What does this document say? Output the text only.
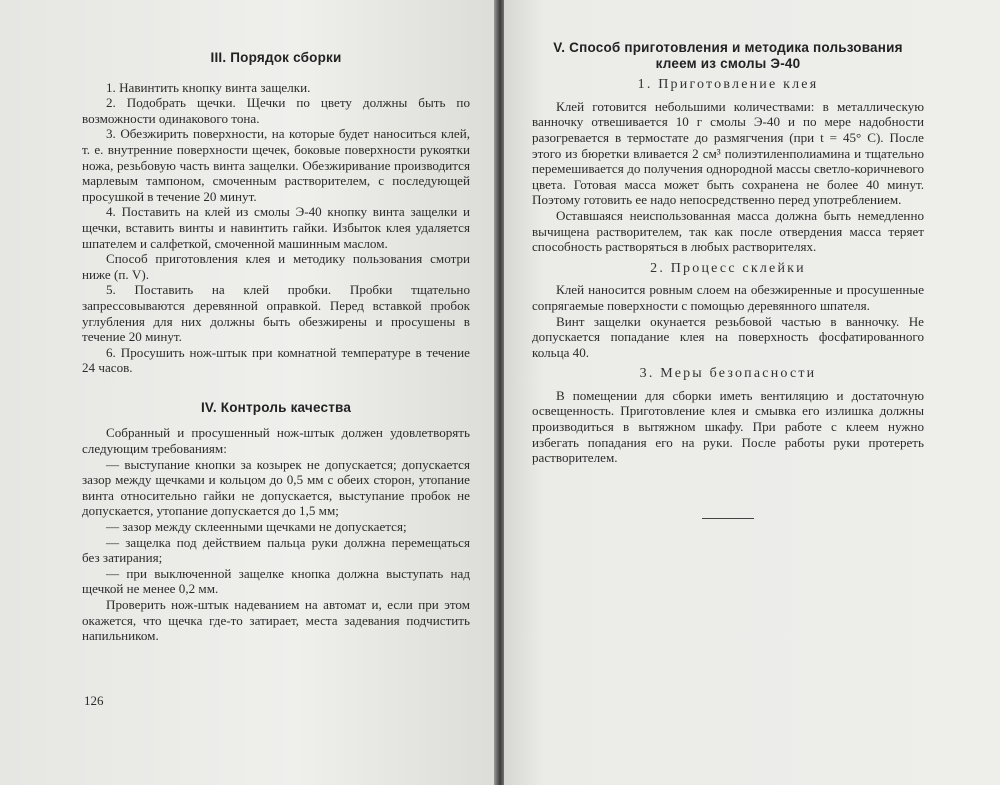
III. Порядок сборки

1. Навинтить кнопку винта защелки.

2. Подобрать щечки. Щечки по цвету должны быть по возможности одинакового тона.

3. Обезжирить поверхности, на которые будет наноситься клей, т. е. внутренние поверхности щечек, боковые поверхности рукоятки ножа, резьбовую часть винта защелки. Обезжиривание производится марлевым тампоном, смоченным растворителем, с последующей просушкой в течение 20 минут.

4. Поставить на клей из смолы Э-40 кнопку винта защелки и щечки, вставить винты и навинтить гайки. Избыток клея удаляется шпателем и салфеткой, смоченной машинным маслом.

Способ приготовления клея и методику пользования смотри ниже (п. V).

5. Поставить на клей пробки. Пробки тщательно запрессовываются деревянной оправкой. Перед вставкой пробок углубления для них должны быть обезжирены и просушены в течение 20 минут.

6. Просушить нож-штык при комнатной температуре в течение 24 часов.

IV. Контроль качества

Собранный и просушенный нож-штык должен удовлетворять следующим требованиям:

— выступание кнопки за козырек не допускается; допускается зазор между щечками и кольцом до 0,5 мм с обеих сторон, утопание винта относительно гайки не допускается, выступание пробок не допускается, утопание допускается до 1,5 мм;

— зазор между склеенными щечками не допускается;

— защелка под действием пальца руки должна перемещаться без затирания;

— при выключенной защелке кнопка должна выступать над щечкой не менее 0,2 мм.

Проверить нож-штык надеванием на автомат и, если при этом окажется, что щечка где-то затирает, места задевания подчистить напильником.

126
V. Способ приготовления и методика пользования
клеем из смолы Э-40
1. Приготовление клея

Клей готовится небольшими количествами: в металлическую ванночку отвешивается 10 г смолы Э-40 и по мере надобности разогревается в термостате до размягчения (при t = 45° С). После этого из бюретки вливается 2 см³ полиэтиленполиамина и тщательно перемешивается до получения однородной массы светло-коричневого цвета. Готовая масса может быть сохранена не более 40 минут. Поэтому готовить ее надо непосредственно перед употреблением.

Оставшаяся неиспользованная масса должна быть немедленно вычищена растворителем, так как после отвердения масса теряет способность растворяться в любых растворителях.

2. Процесс склейки

Клей наносится ровным слоем на обезжиренные и просушенные сопрягаемые поверхности с помощью деревянного шпателя.

Винт защелки окунается резьбовой частью в ванночку. Не допускается попадание клея на поверхность фосфатированного кольца 40.

3. Меры безопасности

В помещении для сборки иметь вентиляцию и достаточную освещенность. Приготовление клея и смывка его излишка должны производиться в вытяжном шкафу. При работе с клеем нужно избегать попадания его на руки. После работы руки протереть растворителем.
